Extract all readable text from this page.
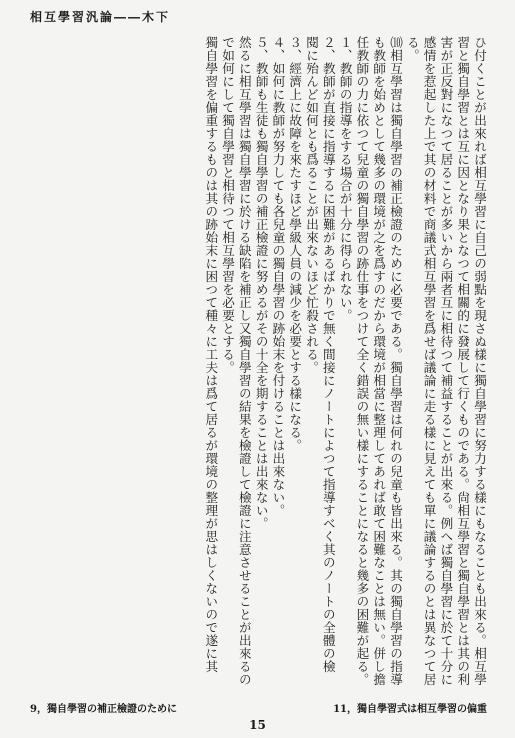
相互學習汎論――木下
ひ付くことが出來れば相互學習に自己の弱點を現さぬ樣に獨自學習に努力する樣にもなることも出來る。相互學
習と獨自學習とは互に因となり果となつて相關的に發展して行くものである。尙相互學習と獨自學習とは其の利
害が正反對になつて居ることが多いから兩者互に相待つて補益することが出來る。例へば獨自學習に於て十分に
感情を惹起した上で其の材料で商議式相互學習を爲せば議論に走る樣に見えても單に議論するのとは異なつて居
る。
⑽相互學習は獨自學習の補正檢證のために必要である。獨自學習は何れの兒童も皆出來る。其の獨自學習の指導
も教師を始めとして幾多の環境が之を爲すのだから環境が相當に整理してあれば敢て困難なことは無い。併し擔
任教師の力に依つて兒童の獨自學習の跡仕事をつけて全く錯誤の無い樣にすることになると幾多の困難が起る。
１、教師の指導をする場合が十分に得られない。
２、教師が直接に指導するに困難があるばかりで無く間接にノートによつて指導すべく其のノートの全體の檢
閱に殆んど如何とも爲ることが出來ないほど忙殺される。
３、經濟上に故障を來たすほど學級人員の減少を必要とする樣になる。
４、如何に教師が努力しても各兒童の獨自學習の跡始末を付けることは出來ない。
５、教師も生徒も獨自學習の補正檢證に努めるがその十全を期することは出來ない。
然るに相互學習は獨自學習に於ける缺陷を補正し又獨自學習の結果を檢證して檢證に注意させることが出來るの
で如何にして獨自學習と相待つて相互學習を必要とする。
獨自學習を偏重するものは其の跡始末に困つて種々に工夫は爲て居るが環境の整理が思はしくないので遂に其
9，獨自學習の補正檢證のために	11，獨自學習式は相互學習の偏重
15
